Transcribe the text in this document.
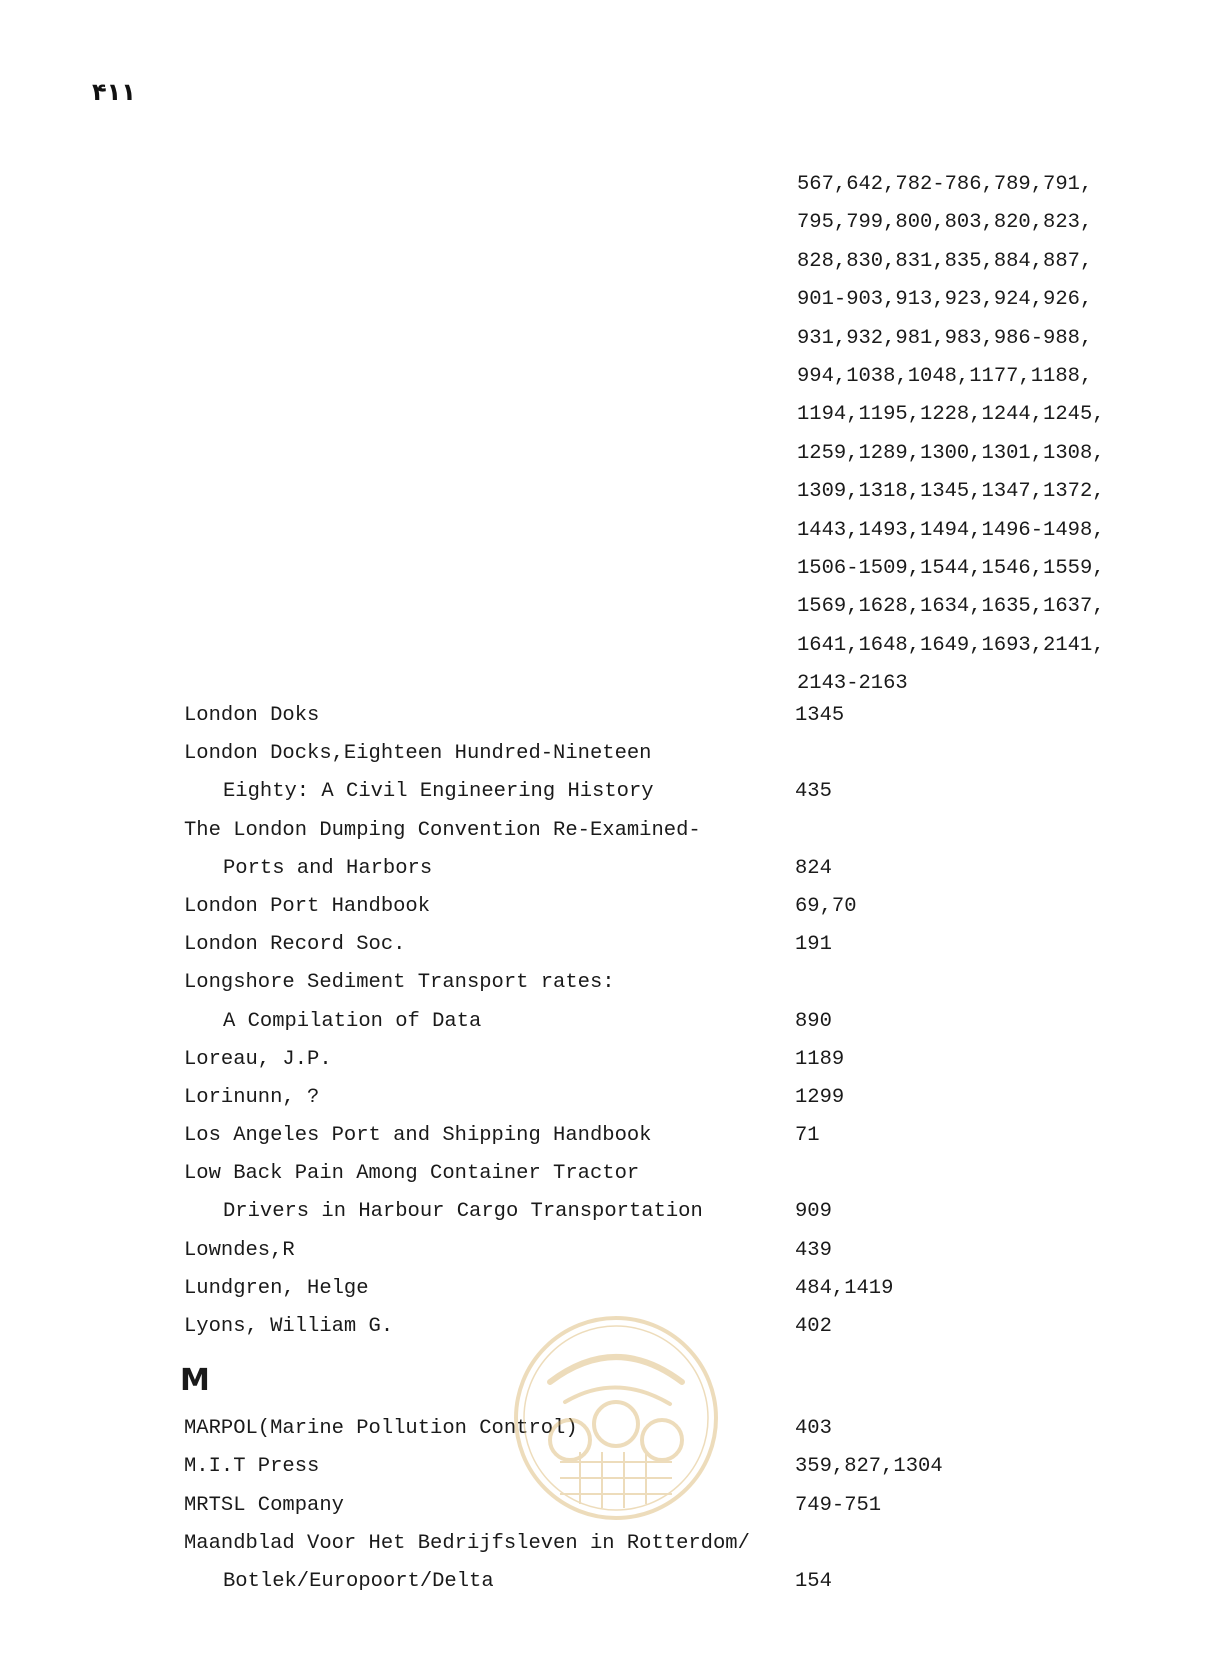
۴۱۱
567,642,782-786,789,791,
795,799,800,803,820,823,
828,830,831,835,884,887,
901-903,913,923,924,926,
931,932,981,983,986-988,
994,1038,1048,1177,1188,
1194,1195,1228,1244,1245,
1259,1289,1300,1301,1308,
1309,1318,1345,1347,1372,
1443,1493,1494,1496-1498,
1506-1509,1544,1546,1559,
1569,1628,1634,1635,1637,
1641,1648,1649,1693,2141,
2143-2163
London Doks	1345
London Docks,Eighteen Hundred-Nineteen
Eighty: A Civil Engineering History	435
The London Dumping Convention Re-Examined-
Ports and Harbors	824
London Port Handbook	69,70
London Record Soc.	191
Longshore Sediment Transport rates:
A Compilation of Data	890
Loreau, J.P.	1189
Lorinunn, ?	1299
Los Angeles Port and Shipping Handbook	71
Low Back Pain Among Container Tractor
Drivers in Harbour Cargo Transportation	909
Lowndes,R	439
Lundgren, Helge	484,1419
Lyons, William G.	402
M
MARPOL(Marine Pollution Control)	403
M.I.T Press	359,827,1304
MRTSL Company	749-751
Maandblad Voor Het Bedrijfsleven in Rotterdom/
Botlek/Europoort/Delta	154
